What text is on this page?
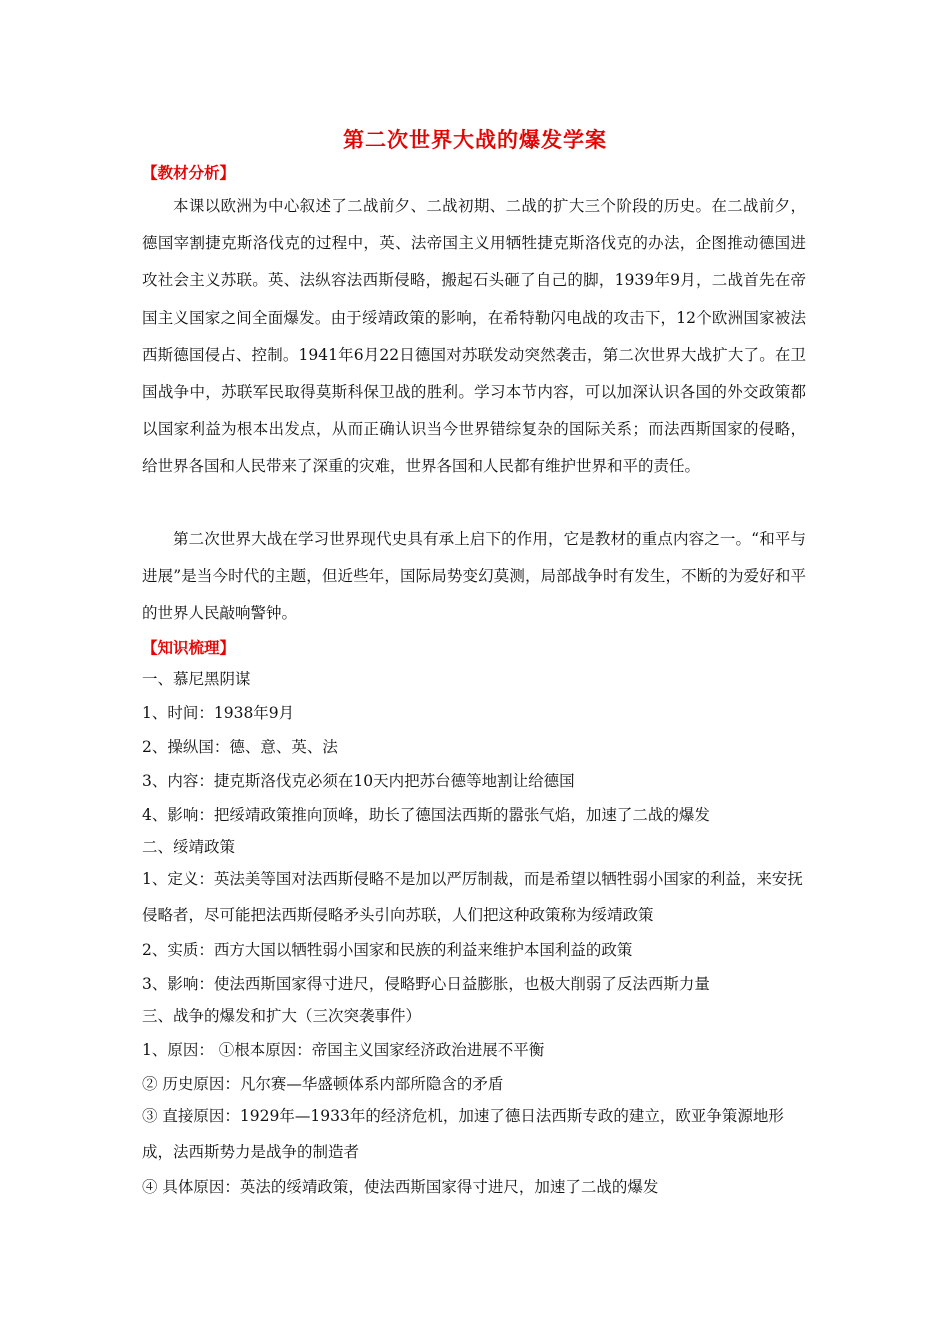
第二次世界大战的爆发学案
【教材分析】

本课以欧洲为中心叙述了二战前夕、二战初期、二战的扩大三个阶段的历史。在二战前夕，德国宰割捷克斯洛伐克的过程中，英、法帝国主义用牺牲捷克斯洛伐克的办法，企图推动德国进攻社会主义苏联。英、法纵容法西斯侵略，搬起石头砸了自己的脚，1939年9月，二战首先在帝国主义国家之间全面爆发。由于绥靖政策的影响，在希特勒闪电战的攻击下，12个欧洲国家被法西斯德国侵占、控制。1941年6月22日德国对苏联发动突然袭击，第二次世界大战扩大了。在卫国战争中，苏联军民取得莫斯科保卫战的胜利。学习本节内容，可以加深认识各国的外交政策都以国家利益为根本出发点，从而正确认识当今世界错综复杂的国际关系；而法西斯国家的侵略，给世界各国和人民带来了深重的灾难，世界各国和人民都有维护世界和平的责任。

第二次世界大战在学习世界现代史具有承上启下的作用，它是教材的重点内容之一。“和平与进展”是当今时代的主题，但近些年，国际局势变幻莫测，局部战争时有发生，不断的为爱好和平的世界人民敲响警钟。

【知识梳理】
一、慕尼黑阴谋
1、时间：1938年9月
2、操纵国：德、意、英、法
3、内容：捷克斯洛伐克必须在10天内把苏台德等地割让给德国
4、影响：把绥靖政策推向顶峰，助长了德国法西斯的嚣张气焰，加速了二战的爆发
二、绥靖政策
1、定义：英法美等国对法西斯侵略不是加以严厉制裁，而是希望以牺牲弱小国家的利益，来安抚侵略者，尽可能把法西斯侵略矛头引向苏联，人们把这种政策称为绥靖政策
2、实质：西方大国以牺牲弱小国家和民族的利益来维护本国利益的政策
3、影响：使法西斯国家得寸进尺，侵略野心日益膨胀，也极大削弱了反法西斯力量
三、战争的爆发和扩大（三次突袭事件）
1、原因： ①根本原因：帝国主义国家经济政治进展不平衡
② 历史原因：凡尔赛—华盛顿体系内部所隐含的矛盾
③ 直接原因：1929年—1933年的经济危机，加速了德日法西斯专政的建立，欧亚争策源地形成，法西斯势力是战争的制造者
④ 具体原因：英法的绥靖政策，使法西斯国家得寸进尺，加速了二战的爆发
